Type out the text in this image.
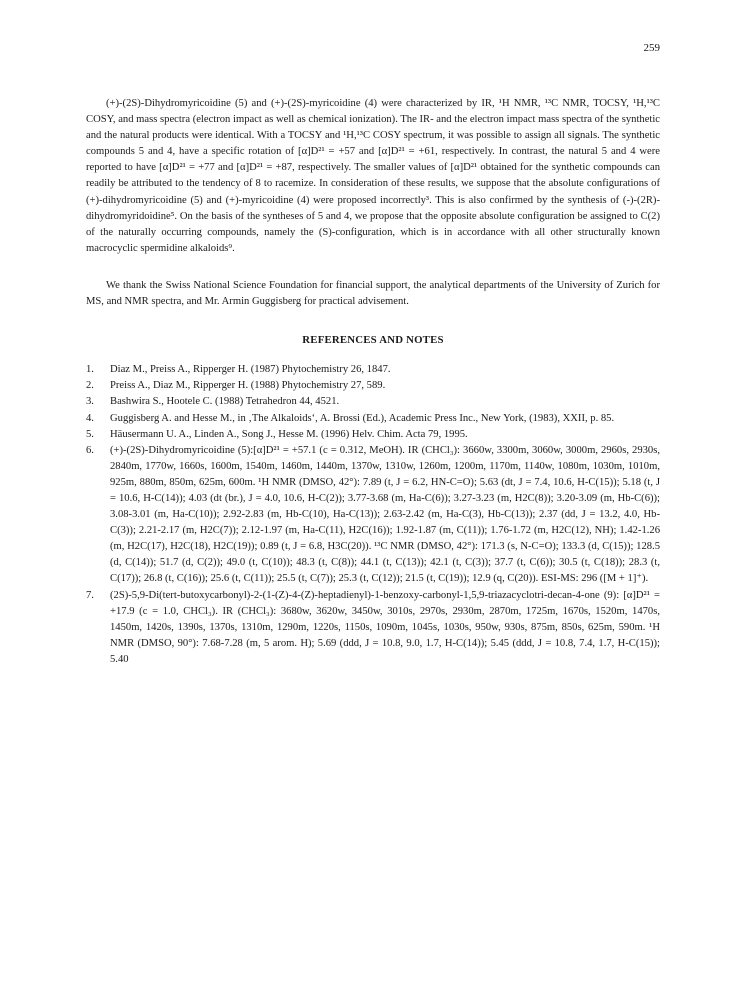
259

(+)-(2S)-Dihydromyricoidine (5) and (+)-(2S)-myricoidine (4) were characterized by IR, ¹H NMR, ¹³C NMR, TOCSY, ¹H,¹³C COSY, and mass spectra (electron impact as well as chemical ionization). The IR- and the electron impact mass spectra of the synthetic and the natural products were identical. With a TOCSY and ¹H,¹³C COSY spectrum, it was possible to assign all signals. The synthetic compounds 5 and 4, have a specific rotation of [α]D²¹ = +57 and [α]D²¹ = +61, respectively. In contrast, the natural 5 and 4 were reported to have [α]D²¹ = +77 and [α]D²¹ = +87, respectively. The smaller values of [α]D²¹ obtained for the synthetic compounds can readily be attributed to the tendency of 8 to racemize. In consideration of these results, we suppose that the absolute configurations of (+)-dihydromyricoidine (5) and (+)-myricoidine (4) were proposed incorrectly³. This is also confirmed by the synthesis of (-)-(2R)-dihydromyridoidine⁵. On the basis of the syntheses of 5 and 4, we propose that the opposite absolute configuration be assigned to C(2) of the naturally occurring compounds, namely the (S)-configuration, which is in accordance with all other structurally known macrocyclic spermidine alkaloids⁹.

We thank the Swiss National Science Foundation for financial support, the analytical departments of the University of Zurich for MS, and NMR spectra, and Mr. Armin Guggisberg for practical advisement.

REFERENCES AND NOTES
1. Diaz M., Preiss A., Ripperger H. (1987) Phytochemistry 26, 1847.
2. Preiss A., Diaz M., Ripperger H. (1988) Phytochemistry 27, 589.
3. Bashwira S., Hootele C. (1988) Tetrahedron 44, 4521.
4. Guggisberg A. and Hesse M., in ‚The Alkaloids‘, A. Brossi (Ed.), Academic Press Inc., New York, (1983), XXII, p. 85.
5. Häusermann U. A., Linden A., Song J., Hesse M. (1996) Helv. Chim. Acta 79, 1995.
6. (+)-(2S)-Dihydromyricoidine (5):[α]D²¹ = +57.1 (c = 0.312, MeOH). IR (CHCl₃): 3660w, 3300m, 3060w, 3000m, 2960s, 2930s, 2840m, 1770w, 1660s, 1600m, 1540m, 1460m, 1440m, 1370w, 1310w, 1260m, 1200m, 1170m, 1140w, 1080m, 1030m, 1010m, 925m, 880m, 850m, 625m, 600m. ¹H NMR (DMSO, 42°): 7.89 (t, J = 6.2, HN-C=O); 5.63 (dt, J = 7.4, 10.6, H-C(15)); 5.18 (t, J = 10.6, H-C(14)); 4.03 (dt (br.), J = 4.0, 10.6, H-C(2)); 3.77-3.68 (m, Ha-C(6)); 3.27-3.23 (m, H2C(8)); 3.20-3.09 (m, Hb-C(6)); 3.08-3.01 (m, Ha-C(10)); 2.92-2.83 (m, Hb-C(10), Ha-C(13)); 2.63-2.42 (m, Ha-C(3), Hb-C(13)); 2.37 (dd, J = 13.2, 4.0, Hb-C(3)); 2.21-2.17 (m, H2C(7)); 2.12-1.97 (m, Ha-C(11), H2C(16)); 1.92-1.87 (m, C(11)); 1.76-1.72 (m, H2C(12), NH); 1.42-1.26 (m, H2C(17), H2C(18), H2C(19)); 0.89 (t, J = 6.8, H3C(20)). ¹³C NMR (DMSO, 42°): 171.3 (s, N-C=O); 133.3 (d, C(15)); 128.5 (d, C(14)); 51.7 (d, C(2)); 49.0 (t, C(10)); 48.3 (t, C(8)); 44.1 (t, C(13)); 42.1 (t, C(3)); 37.7 (t, C(6)); 30.5 (t, C(18)); 28.3 (t, C(17)); 26.8 (t, C(16)); 25.6 (t, C(11)); 25.5 (t, C(7)); 25.3 (t, C(12)); 21.5 (t, C(19)); 12.9 (q, C(20)). ESI-MS: 296 ([M + 1]⁺).
7. (2S)-5,9-Di(tert-butoxycarbonyl)-2-(1-(Z)-4-(Z)-heptadienyl)-1-benzoxy-carbonyl-1,5,9-triazacyclotri-decan-4-one (9): [α]D²¹ = +17.9 (c = 1.0, CHCl₃). IR (CHCl₃): 3680w, 3620w, 3450w, 3010s, 2970s, 2930m, 2870m, 1725m, 1670s, 1520m, 1470s, 1450m, 1420s, 1390s, 1370s, 1310m, 1290m, 1220s, 1150s, 1090m, 1045s, 1030s, 950w, 930s, 875m, 850s, 625m, 590m. ¹H NMR (DMSO, 90°): 7.68-7.28 (m, 5 arom. H); 5.69 (ddd, J = 10.8, 9.0, 1.7, H-C(14)); 5.45 (ddd, J = 10.8, 7.4, 1.7, H-C(15)); 5.40
